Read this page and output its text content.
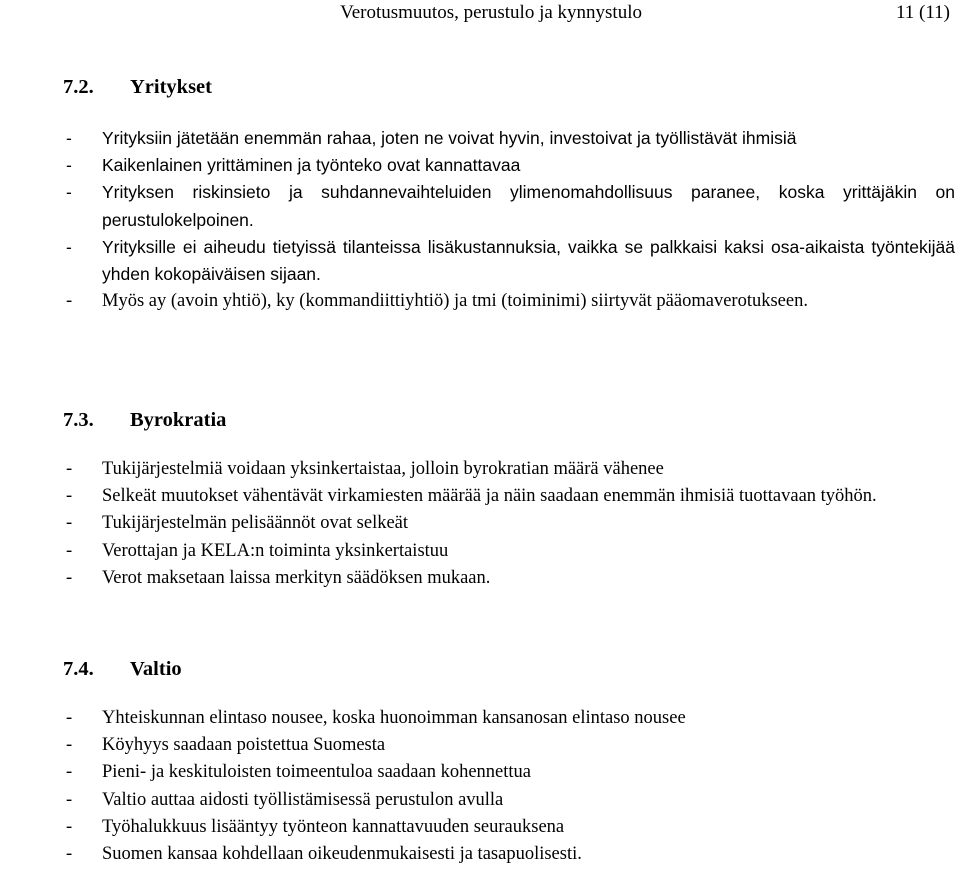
Verotusmuutos, perustulo ja kynnystulo	11 (11)
7.2. Yritykset
- Yrityksiin jätetään enemmän rahaa, joten ne voivat hyvin, investoivat ja työllistävät ihmisiä
- Kaikenlainen yrittäminen ja työnteko ovat kannattavaa
- Yrityksen riskinsieto ja suhdannevaihteluiden ylimenomahdollisuus paranee, koska yrittäjäkin on perustulokelpoinen.
- Yrityksille ei aiheudu tietyissä tilanteissa lisäkustannuksia, vaikka se palkkaisi kaksi osa-aikaista työntekijää yhden kokopäiväisen sijaan.
- Myös ay (avoin yhtiö), ky (kommandiittiyhtiö) ja tmi (toiminimi) siirtyvät pääomaverotukseen.
7.3. Byrokratia
- Tukijärjestelmiä voidaan yksinkertaistaa, jolloin byrokratian määrä vähenee
- Selkeät muutokset vähentävät virkamiesten määrää ja näin saadaan enemmän ihmisiä tuottavaan työhön.
- Tukijärjestelmän pelisäännöt ovat selkeät
- Verottajan ja KELA:n toiminta yksinkertaistuu
- Verot maksetaan laissa merkityn säädöksen mukaan.
7.4. Valtio
- Yhteiskunnan elintaso nousee, koska huonoimman kansanosan elintaso nousee
- Köyhyys saadaan poistettua Suomesta
- Pieni- ja keskituloisten toimeentuloa saadaan kohennettua
- Valtio auttaa aidosti työllistämisessä perustulon avulla
- Työhalukkuus lisääntyy työnteon kannattavuuden seurauksena
- Suomen kansaa kohdellaan oikeudenmukaisesti ja tasapuolisesti.
